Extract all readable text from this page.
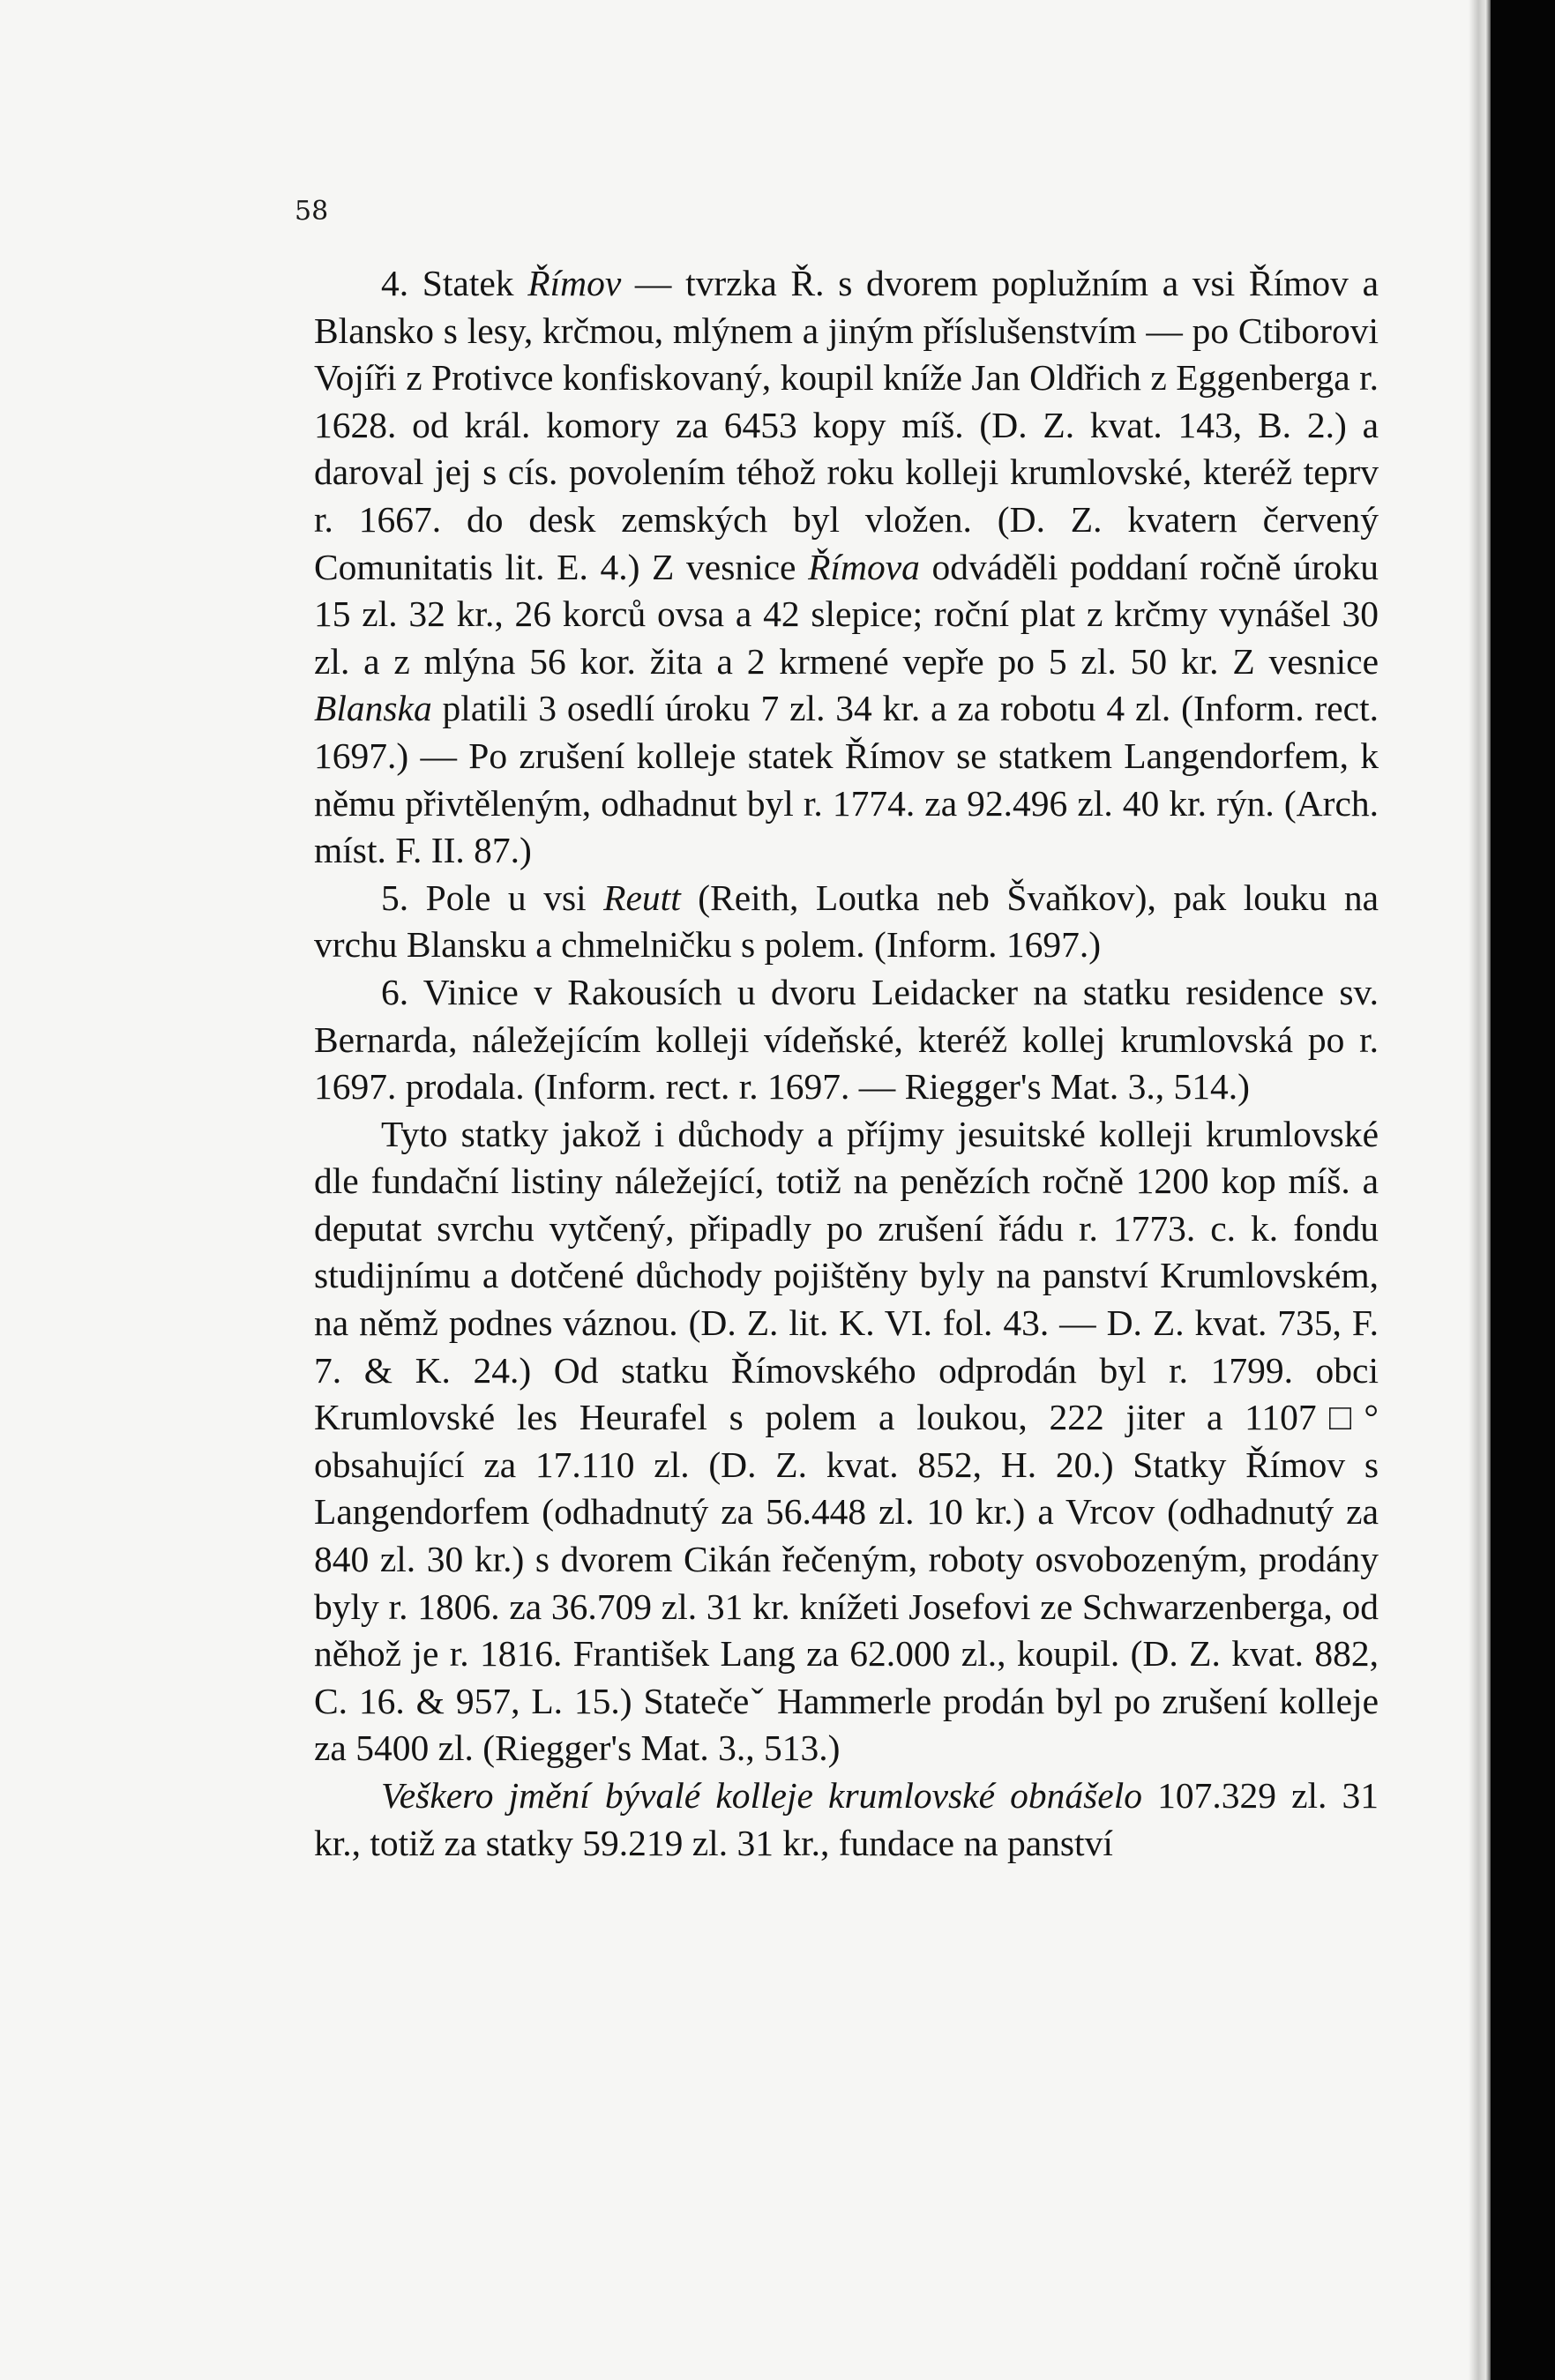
58

4. Statek Římov — tvrzka Ř. s dvorem poplužním a vsi Římov a Blansko s lesy, krčmou, mlýnem a jiným příslušenstvím — po Ctiborovi Vojíři z Protivce konfiskovaný, koupil kníže Jan Oldřich z Eggenberga r. 1628. od král. komory za 6453 kopy míš. (D. Z. kvat. 143, B. 2.) a daroval jej s cís. povolením téhož roku kolleji krumlovské, kteréž teprv r. 1667. do desk zemských byl vložen. (D. Z. kvatern červený Comunitatis lit. E. 4.) Z vesnice Římova odváděli poddaní ročně úroku 15 zl. 32 kr., 26 korců ovsa a 42 slepice; roční plat z krčmy vynášel 30 zl. a z mlýna 56 kor. žita a 2 krmené vepře po 5 zl. 50 kr. Z vesnice Blanska platili 3 osedlí úroku 7 zl. 34 kr. a za robotu 4 zl. (Inform. rect. 1697.) — Po zrušení kolleje statek Římov se statkem Langendorfem, k němu přivtěleným, odhadnut byl r. 1774. za 92.496 zl. 40 kr. rýn. (Arch. míst. F. II. 87.)

5. Pole u vsi Reutt (Reith, Loutka neb Švaňkov), pak louku na vrchu Blansku a chmelničku s polem. (Inform. 1697.)

6. Vinice v Rakousích u dvoru Leidacker na statku residence sv. Bernarda, náležejícím kolleji vídeňské, kteréž kollej krumlovská po r. 1697. prodala. (Inform. rect. r. 1697. — Riegger's Mat. 3., 514.)

Tyto statky jakož i důchody a příjmy jesuitské kolleji krumlovské dle fundační listiny náležející, totiž na penězích ročně 1200 kop míš. a deputat svrchu vytčený, připadly po zrušení řádu r. 1773. c. k. fondu studijnímu a dotčené důchody pojištěny byly na panství Krumlovském, na němž podnes váznou. (D. Z. lit. K. VI. fol. 43. — D. Z. kvat. 735, F. 7. & K. 24.) Od statku Římovského odprodán byl r. 1799. obci Krumlovské les Heurafel s polem a loukou, 222 jiter a 1107□° obsahující za 17.110 zl. (D. Z. kvat. 852, H. 20.) Statky Římov s Langendorfem (odhadnutý za 56.448 zl. 10 kr.) a Vrcov (odhadnutý za 840 zl. 30 kr.) s dvorem Cikán řečeným, roboty osvobozeným, prodány byly r. 1806. za 36.709 zl. 31 kr. knížeti Josefovi ze Schwarzenberga, od něhož je r. 1816. František Lang za 62.000 zl., koupil. (D. Z. kvat. 882, C. 16. & 957, L. 15.) Statečeˇ Hammerle prodán byl po zrušení kolleje za 5400 zl. (Riegger's Mat. 3., 513.)

Veškero jmění bývalé kolleje krumlovské obnášelo 107.329 zl. 31 kr., totiž za statky 59.219 zl. 31 kr., fundace na panství
